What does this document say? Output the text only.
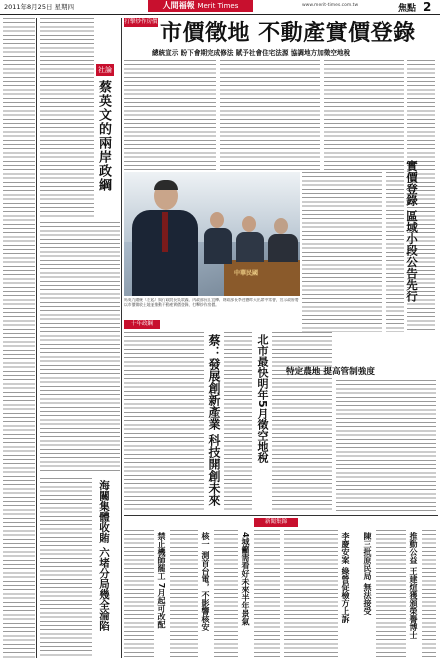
2011年8月25日 星期四	人間福報 Merit Times	www.merit-times.com.tw	焦點 2
社論
蔡英文的兩岸政綱
海關集體收賄 六堵分局幾全淪陷
打擊炒作房價 市價徵地 不動產實價登錄
總統宣示 盼下會期完成修法 賦予社會住宅法源 協調地方加徵空地稅
實價登錄 區域小段公告先行
中華民國
馬英九總統（左起）與行政院長吳敦義、內政部長江宜樺、財政部長李述德昨天出席中常會，宣示政府將以市價徵收土地並推動不動產實價登錄，打擊炒作房價。
十年政綱
蔡：發展創新產業 科技開創未來	北市最快明年5月徵空地稅 特定農地 提高管制強度
新聞集錦
禁止機師罷工 7月起可改配	核一 測首台電，不影響核安	4城籲需看好未來半年景氣	李慶安案 綠營促檢方上訴 陳三批原民局 無法接受	推動公益 王建煊獲頒榮譽博士
